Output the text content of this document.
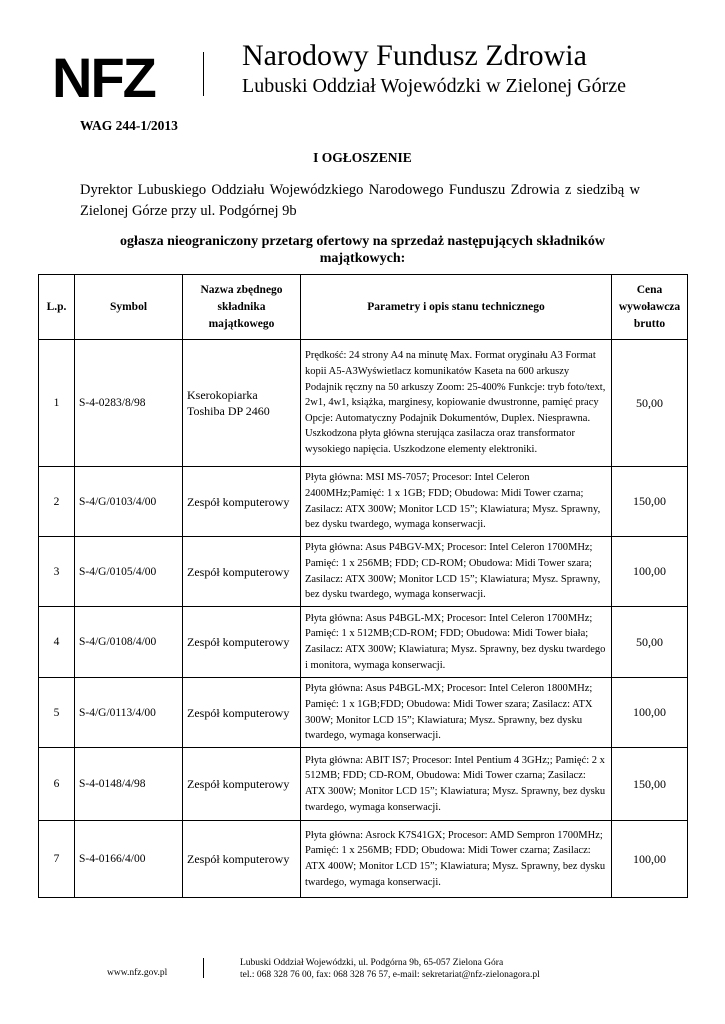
NFZ	Narodowy Fundusz Zdrowia
Lubuski Oddział Wojewódzki w Zielonej Górze
WAG 244-1/2013
I OGŁOSZENIE
Dyrektor Lubuskiego Oddziału Wojewódzkiego Narodowego Funduszu Zdrowia z siedzibą w Zielonej Górze przy ul. Podgórnej 9b
ogłasza nieograniczony przetarg ofertowy na sprzedaż następujących składników majątkowych:
L.p.	Symbol	Nazwa zbędnego składnika majątkowego	Parametry i opis stanu technicznego	Cena wywoławcza brutto
1	S-4-0283/8/98	Kserokopiarka Toshiba DP 2460	Prędkość: 24 strony A4 na minutę Max. Format oryginału A3 Format kopii A5-A3Wyświetlacz komunikatów Kaseta na 600 arkuszy Podajnik ręczny na 50 arkuszy Zoom: 25-400% Funkcje: tryb foto/text, 2w1, 4w1, książka, marginesy, kopiowanie dwustronne, pamięć pracy Opcje: Automatyczny Podajnik Dokumentów, Duplex. Niesprawna. Uszkodzona płyta główna sterująca zasilacza oraz transformator wysokiego napięcia. Uszkodzone elementy elektroniki.	50,00
2	S-4/G/0103/4/00	Zespół komputerowy	Płyta główna: MSI MS-7057; Procesor: Intel Celeron 2400MHz;Pamięć: 1 x 1GB; FDD; Obudowa: Midi Tower czarna; Zasilacz: ATX 300W; Monitor LCD 15”; Klawiatura; Mysz. Sprawny, bez dysku twardego, wymaga konserwacji.	150,00
3	S-4/G/0105/4/00	Zespół komputerowy	Płyta główna: Asus P4BGV-MX; Procesor: Intel Celeron 1700MHz; Pamięć: 1 x 256MB; FDD; CD-ROM; Obudowa: Midi Tower szara; Zasilacz: ATX 300W; Monitor LCD 15”; Klawiatura; Mysz. Sprawny, bez dysku twardego, wymaga konserwacji.	100,00
4	S-4/G/0108/4/00	Zespół komputerowy	Płyta główna: Asus P4BGL-MX; Procesor: Intel Celeron 1700MHz; Pamięć: 1 x 512MB;CD-ROM; FDD; Obudowa: Midi Tower biała; Zasilacz: ATX 300W; Klawiatura; Mysz. Sprawny, bez dysku twardego i monitora, wymaga konserwacji.	50,00
5	S-4/G/0113/4/00	Zespół komputerowy	Płyta główna: Asus P4BGL-MX; Procesor: Intel Celeron 1800MHz; Pamięć: 1 x 1GB;FDD; Obudowa: Midi Tower szara; Zasilacz: ATX 300W; Monitor LCD 15”; Klawiatura; Mysz. Sprawny, bez dysku twardego, wymaga konserwacji.	100,00
6	S-4-0148/4/98	Zespół komputerowy	Płyta główna: ABIT IS7; Procesor: Intel Pentium 4 3GHz;; Pamięć: 2 x 512MB; FDD; CD-ROM, Obudowa: Midi Tower czarna; Zasilacz: ATX 300W; Monitor LCD 15”; Klawiatura; Mysz. Sprawny, bez dysku twardego, wymaga konserwacji.	150,00
7	S-4-0166/4/00	Zespół komputerowy	Płyta główna: Asrock K7S41GX; Procesor: AMD Sempron 1700MHz; Pamięć: 1 x 256MB; FDD; Obudowa: Midi Tower czarna; Zasilacz: ATX 400W; Monitor LCD 15”; Klawiatura; Mysz. Sprawny, bez dysku twardego, wymaga konserwacji.	100,00
www.nfz.gov.pl
Lubuski Oddział Wojewódzki, ul. Podgórna 9b, 65-057 Zielona Góra
tel.: 068 328 76 00, fax: 068 328 76 57, e-mail: sekretariat@nfz-zielonagora.pl
